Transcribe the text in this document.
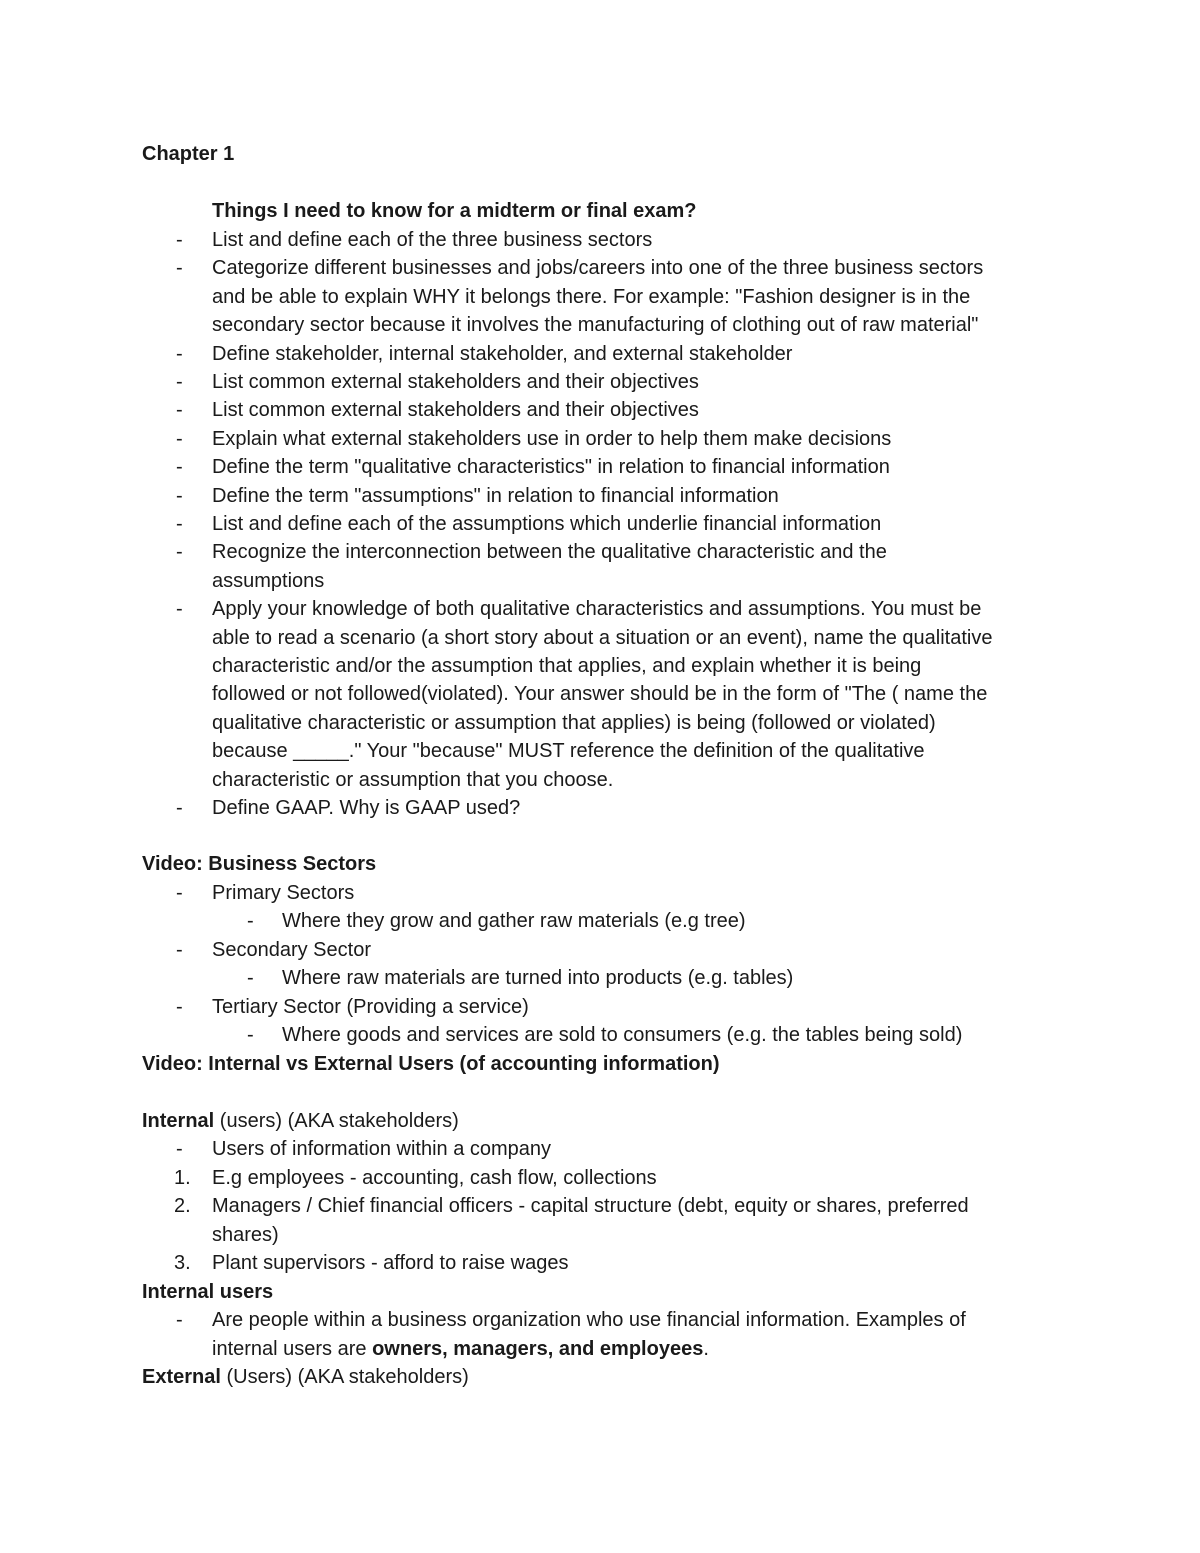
Chapter 1
Things I need to know for a midterm or final exam?
- List and define each of the three business sectors
- Categorize different businesses and jobs/careers into one of the three business sectors
and be able to explain WHY it belongs there. For example: "Fashion designer is in the
secondary sector because it involves the manufacturing of clothing out of raw material"
- Define stakeholder, internal stakeholder, and external stakeholder
- List common external stakeholders and their objectives
- List common external stakeholders and their objectives
- Explain what external stakeholders use in order to help them make decisions
- Define the term "qualitative characteristics" in relation to financial information
- Define the term "assumptions" in relation to financial information
- List and define each of the assumptions which underlie financial information
- Recognize the interconnection between the qualitative characteristic and the
assumptions
- Apply your knowledge of both qualitative characteristics and assumptions. You must be
able to read a scenario (a short story about a situation or an event), name the qualitative
characteristic and/or the assumption that applies, and explain whether it is being
followed or not followed(violated). Your answer should be in the form of "The ( name the
qualitative characteristic or assumption that applies) is being (followed or violated)
because _____." Your "because" MUST reference the definition of the qualitative
characteristic or assumption that you choose.
- Define GAAP. Why is GAAP used?
Video: Business Sectors
- Primary Sectors
- Where they grow and gather raw materials (e.g tree)
- Secondary Sector
- Where raw materials are turned into products (e.g. tables)
- Tertiary Sector (Providing a service)
- Where goods and services are sold to consumers (e.g. the tables being sold)
Video: Internal vs External Users (of accounting information)
Internal (users) (AKA stakeholders)
- Users of information within a company
1. E.g employees - accounting, cash flow, collections
2. Managers / Chief financial officers - capital structure (debt, equity or shares, preferred
shares)
3. Plant supervisors - afford to raise wages
Internal users
- Are people within a business organization who use financial information. Examples of
internal users are owners, managers, and employees.
External (Users) (AKA stakeholders)
